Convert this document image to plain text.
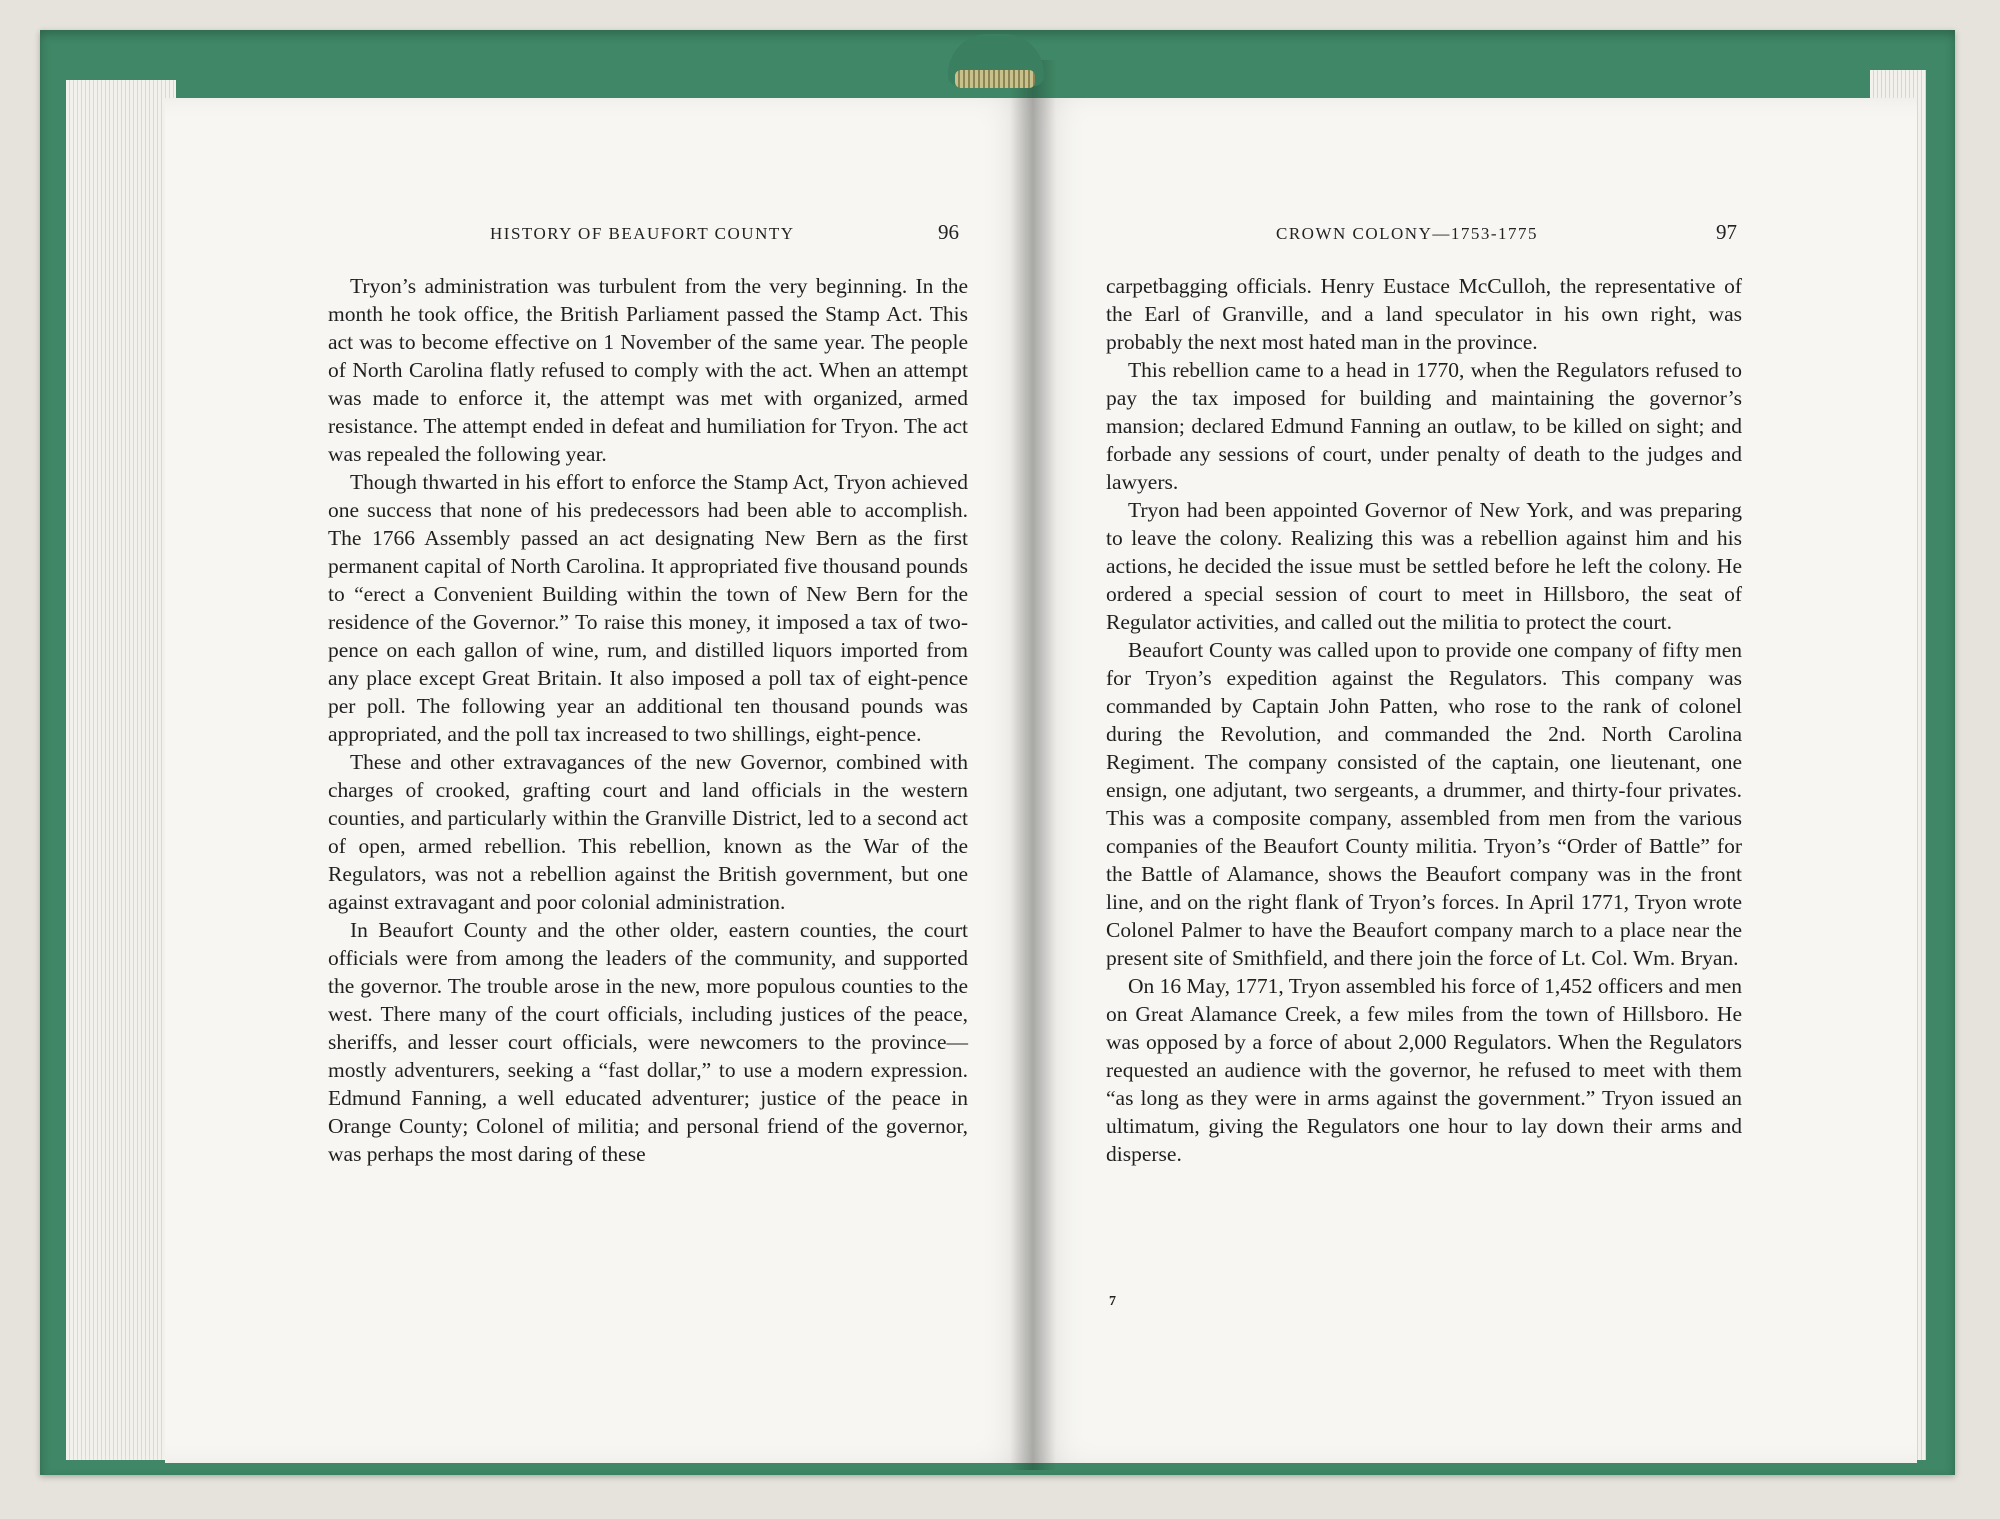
HISTORY OF BEAUFORT COUNTY	96

Tryon’s administration was turbulent from the very beginning. In the month he took office, the British Parliament passed the Stamp Act. This act was to become effective on 1 November of the same year. The people of North Carolina flatly refused to comply with the act. When an attempt was made to enforce it, the attempt was met with organized, armed resistance. The attempt ended in defeat and humiliation for Tryon. The act was repealed the following year.

Though thwarted in his effort to enforce the Stamp Act, Tryon achieved one success that none of his predecessors had been able to accomplish. The 1766 Assembly passed an act designating New Bern as the first permanent capital of North Carolina. It appropriated five thousand pounds to “erect a Convenient Building within the town of New Bern for the residence of the Governor.” To raise this money, it imposed a tax of two-pence on each gallon of wine, rum, and distilled liquors imported from any place except Great Britain. It also imposed a poll tax of eight-pence per poll. The following year an additional ten thousand pounds was appropriated, and the poll tax increased to two shillings, eight-pence.

These and other extravagances of the new Governor, combined with charges of crooked, grafting court and land officials in the western counties, and particularly within the Granville District, led to a second act of open, armed rebellion. This rebellion, known as the War of the Regulators, was not a rebellion against the British government, but one against extravagant and poor colonial administration.

In Beaufort County and the other older, eastern counties, the court officials were from among the leaders of the community, and supported the governor. The trouble arose in the new, more populous counties to the west. There many of the court officials, including justices of the peace, sheriffs, and lesser court officials, were newcomers to the province—mostly adventurers, seeking a “fast dollar,” to use a modern expression. Edmund Fanning, a well educated adventurer; justice of the peace in Orange County; Colonel of militia; and personal friend of the governor, was perhaps the most daring of these

CROWN COLONY—1753-1775	97

carpetbagging officials. Henry Eustace McCulloh, the representative of the Earl of Granville, and a land speculator in his own right, was probably the next most hated man in the province.

This rebellion came to a head in 1770, when the Regulators refused to pay the tax imposed for building and maintaining the governor’s mansion; declared Edmund Fanning an outlaw, to be killed on sight; and forbade any sessions of court, under penalty of death to the judges and lawyers.

Tryon had been appointed Governor of New York, and was preparing to leave the colony. Realizing this was a rebellion against him and his actions, he decided the issue must be settled before he left the colony. He ordered a special session of court to meet in Hillsboro, the seat of Regulator activities, and called out the militia to protect the court.

Beaufort County was called upon to provide one company of fifty men for Tryon’s expedition against the Regulators. This company was commanded by Captain John Patten, who rose to the rank of colonel during the Revolution, and commanded the 2nd. North Carolina Regiment. The company consisted of the captain, one lieutenant, one ensign, one adjutant, two sergeants, a drummer, and thirty-four privates. This was a composite company, assembled from men from the various companies of the Beaufort County militia. Tryon’s “Order of Battle” for the Battle of Alamance, shows the Beaufort company was in the front line, and on the right flank of Tryon’s forces. In April 1771, Tryon wrote Colonel Palmer to have the Beaufort company march to a place near the present site of Smithfield, and there join the force of Lt. Col. Wm. Bryan.

On 16 May, 1771, Tryon assembled his force of 1,452 officers and men on Great Alamance Creek, a few miles from the town of Hillsboro. He was opposed by a force of about 2,000 Regulators. When the Regulators requested an audience with the governor, he refused to meet with them “as long as they were in arms against the government.” Tryon issued an ultimatum, giving the Regulators one hour to lay down their arms and disperse.

7
